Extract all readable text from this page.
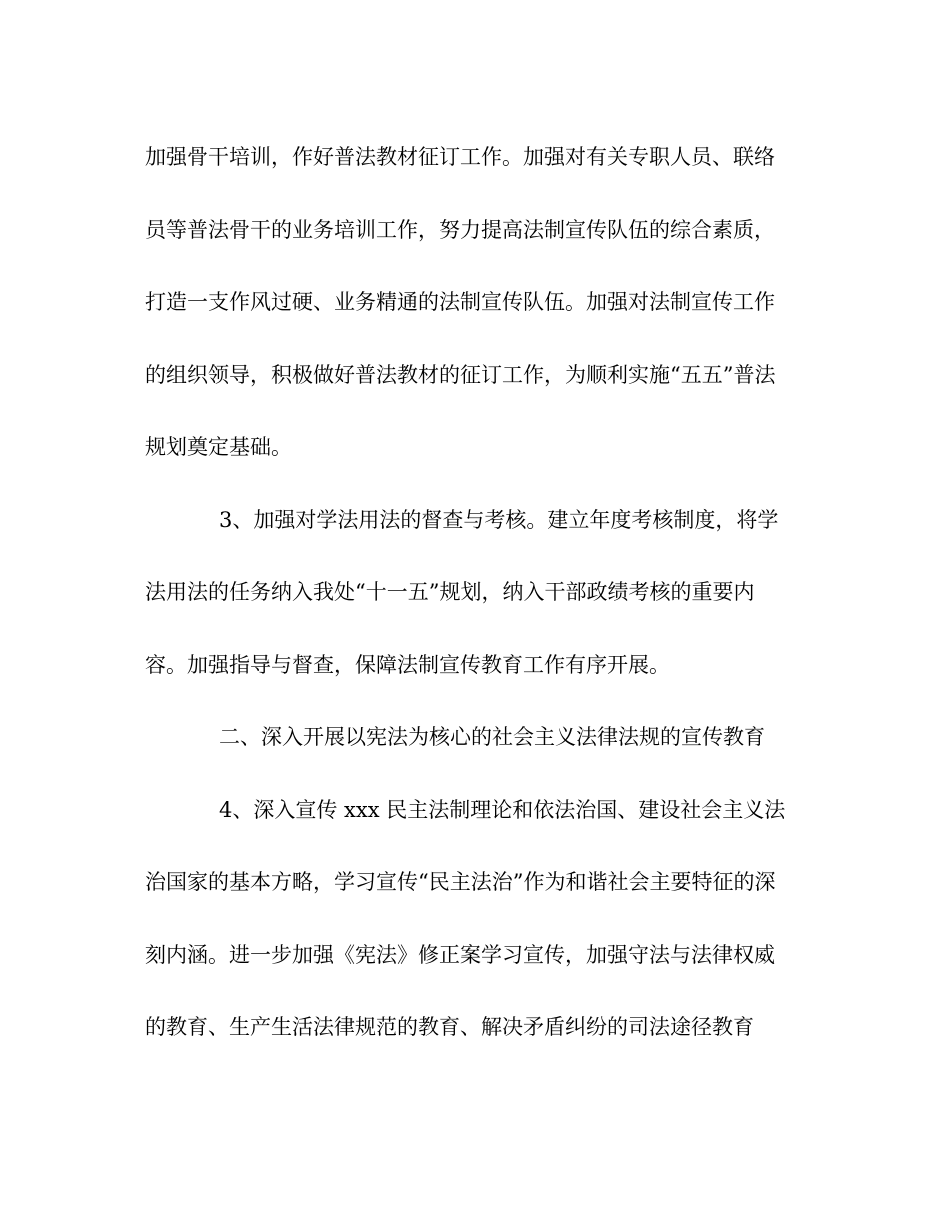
加强骨干培训，作好普法教材征订工作。加强对有关专职人员、联络
员等普法骨干的业务培训工作，努力提高法制宣传队伍的综合素质，
打造一支作风过硬、业务精通的法制宣传队伍。加强对法制宣传工作
的组织领导，积极做好普法教材的征订工作，为顺利实施“五五”普法
规划奠定基础。
3、加强对学法用法的督查与考核。建立年度考核制度，将学
法用法的任务纳入我处“十一五”规划，纳入干部政绩考核的重要内
容。加强指导与督查，保障法制宣传教育工作有序开展。
二、深入开展以宪法为核心的社会主义法律法规的宣传教育
4、深入宣传 xxx 民主法制理论和依法治国、建设社会主义法
治国家的基本方略，学习宣传“民主法治”作为和谐社会主要特征的深
刻内涵。进一步加强《宪法》修正案学习宣传，加强守法与法律权威
的教育、生产生活法律规范的教育、解决矛盾纠纷的司法途径教育
